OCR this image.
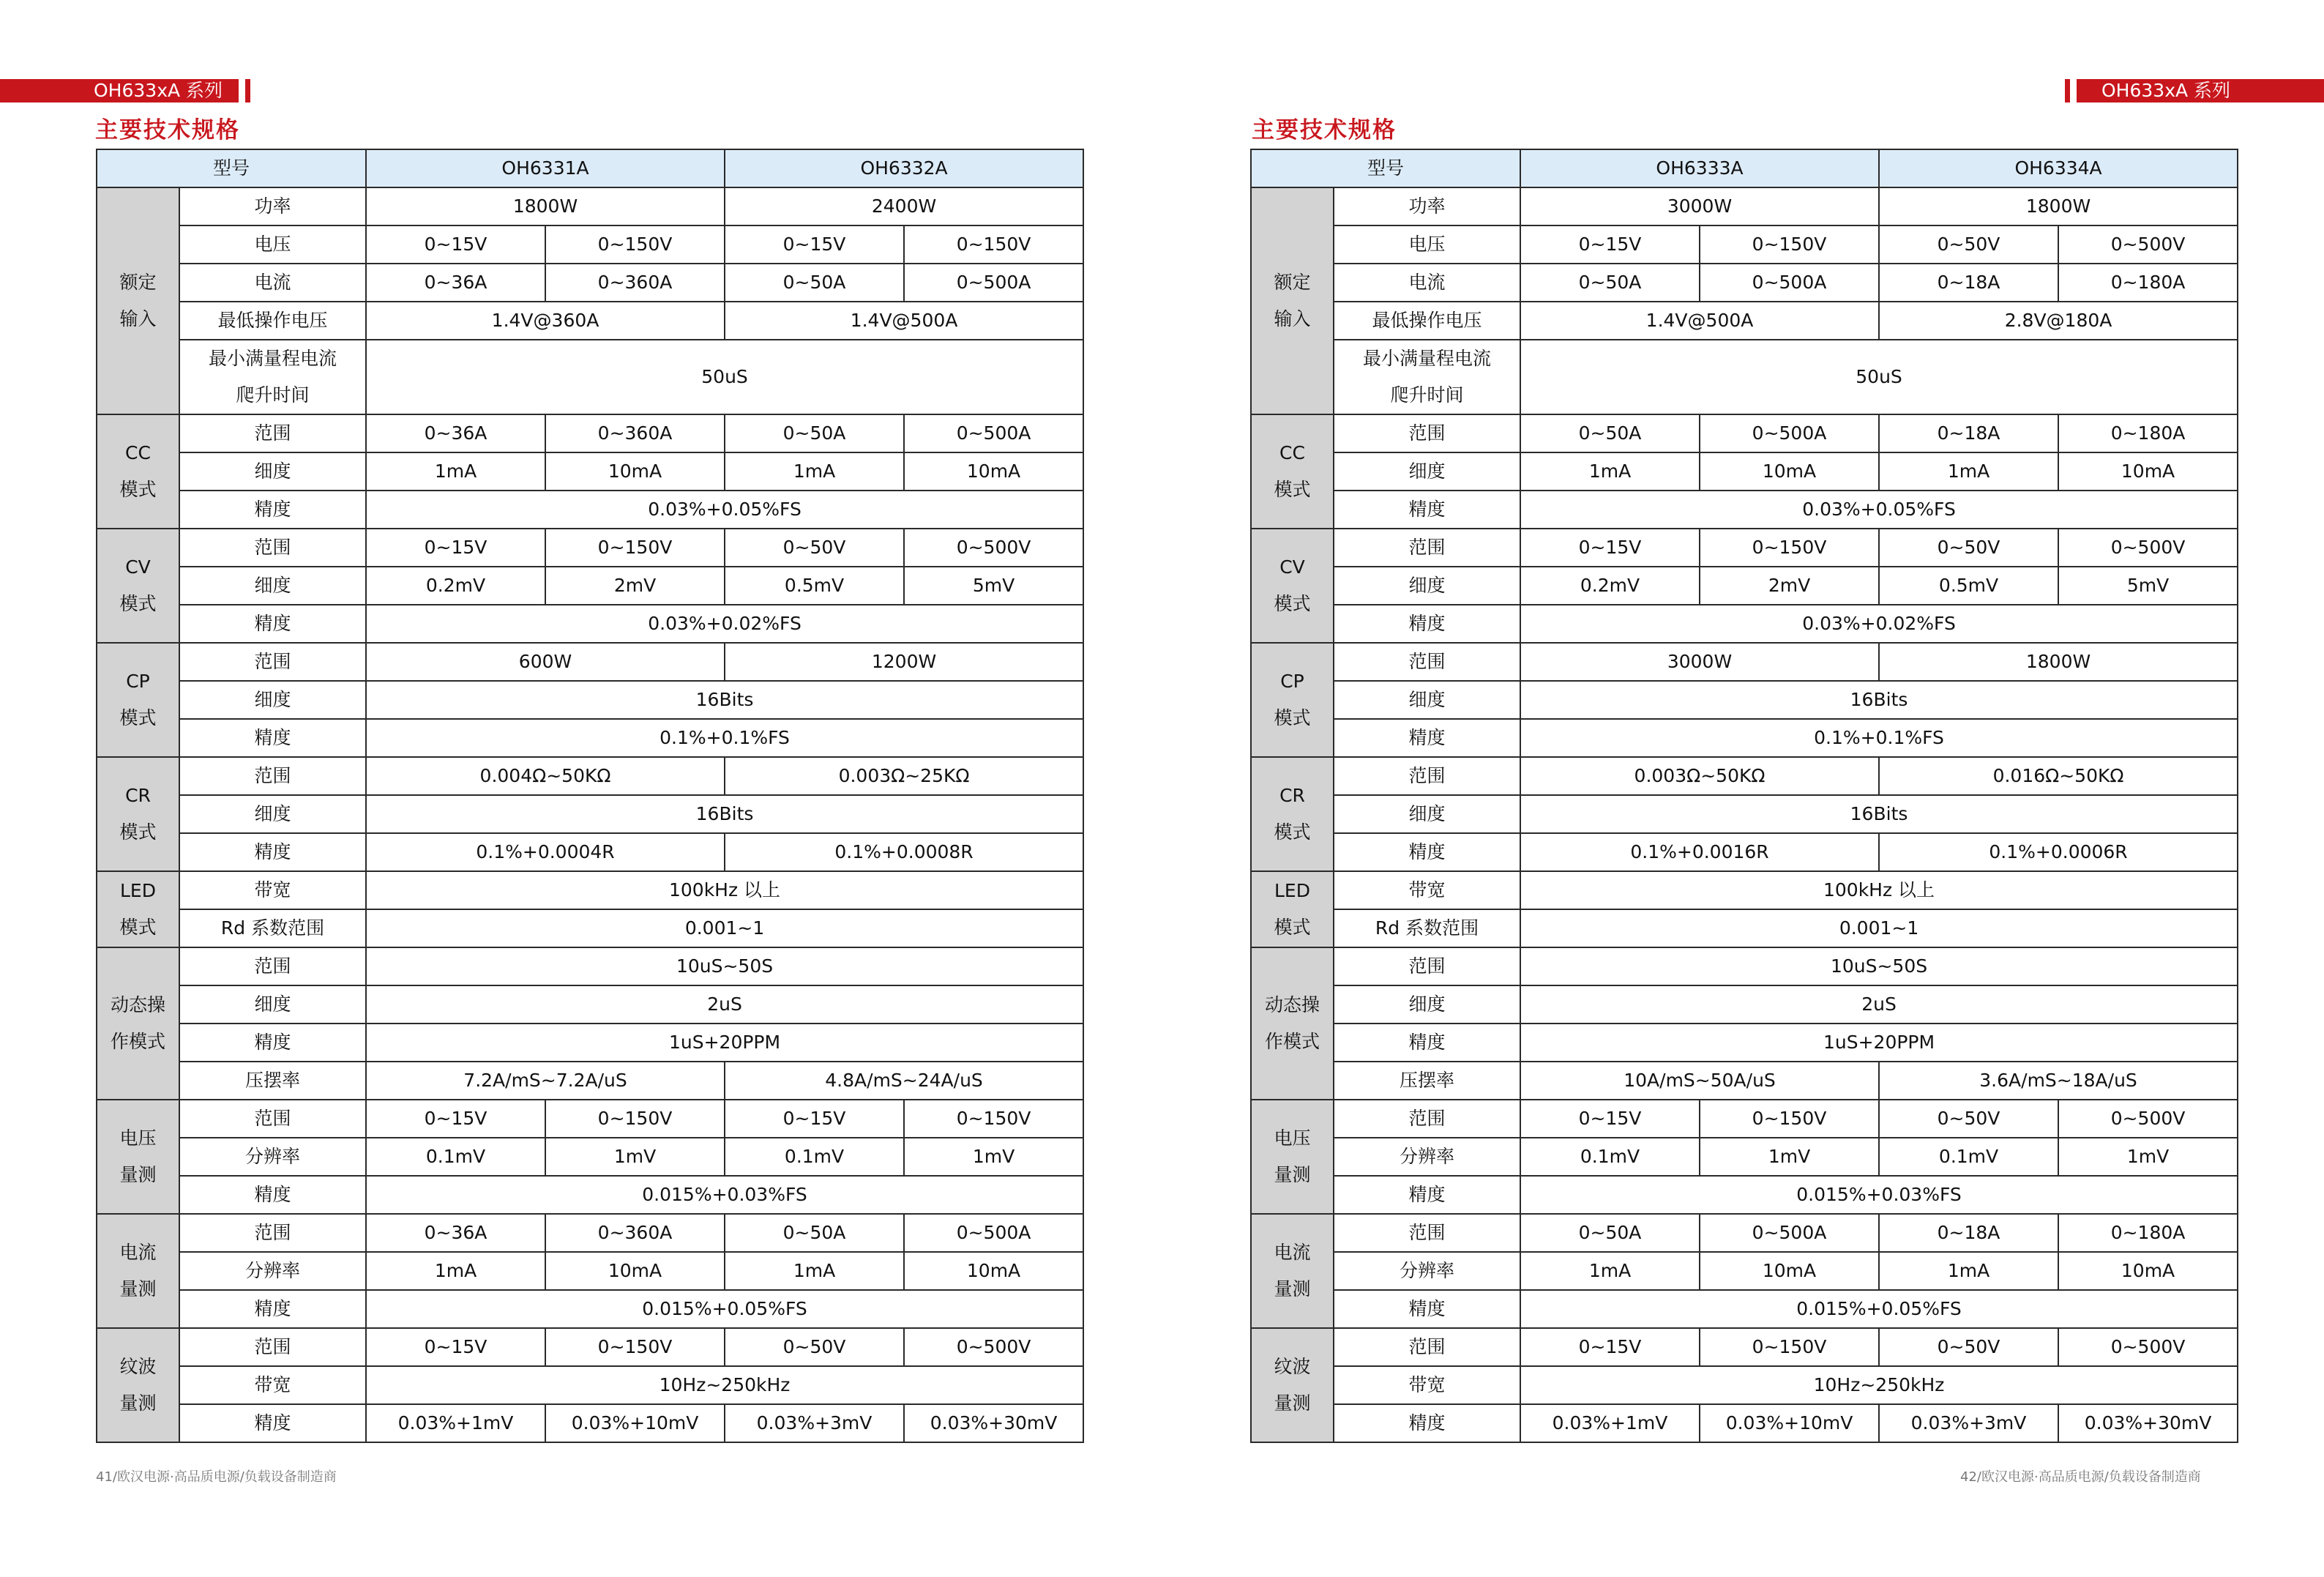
OH633xA 系列
主要技术规格
型号		OH6331A		OH6332A	
额定
输入	功率	1800W		2400W	
	电压	0~15V	0~150V	0~15V	0~150V
	电流	0~36A	0~360A	0~50A	0~500A
	最低操作电压	1.4V@360A		1.4V@500A	
	最小满量程电流
爬升时间	50uS			

CC
模式	范围	0~36A	0~360A	0~50A	0~500A
	细度	1mA	10mA	1mA	10mA
	精度	0.03%+0.05%FS			
CV
模式	范围	0~15V	0~150V	0~50V	0~500V
	细度	0.2mV	2mV	0.5mV	5mV
	精度	0.03%+0.02%FS			
CP
模式	范围	600W		1200W	
	细度	16Bits			
	精度	0.1%+0.1%FS			
CR
模式	范围	0.004Ω~50KΩ		0.003Ω~25KΩ	
	细度	16Bits			
	精度	0.1%+0.0004R		0.1%+0.0008R	
LED
模式	带宽	100kHz 以上			
	Rd 系数范围	0.001~1			
动态操
作模式	范围	10uS~50S			
	细度	2uS			
	精度	1uS+20PPM			
	压摆率	7.2A/mS~7.2A/uS		4.8A/mS~24A/uS	
电压
量测	范围	0~15V	0~150V	0~15V	0~150V
	分辨率	0.1mV	1mV	0.1mV	1mV
	精度	0.015%+0.03%FS			
电流
量测	范围	0~36A	0~360A	0~50A	0~500A
	分辨率	1mA	10mA	1mA	10mA
	精度	0.015%+0.05%FS			
纹波
量测	范围	0~15V	0~150V	0~50V	0~500V
	带宽	10Hz~250kHz			
	精度	0.03%+1mV	0.03%+10mV	0.03%+3mV	0.03%+30mV
41/欧汉电源·高品质电源/负载设备制造商
OH633xA 系列
主要技术规格
型号		OH6333A		OH6334A	
额定
输入	功率	3000W		1800W	
	电压	0~15V	0~150V	0~50V	0~500V
	电流	0~50A	0~500A	0~18A	0~180A
	最低操作电压	1.4V@500A		2.8V@180A	
	最小满量程电流
爬升时间	50uS			

CC
模式	范围	0~50A	0~500A	0~18A	0~180A
	细度	1mA	10mA	1mA	10mA
	精度	0.03%+0.05%FS			
CV
模式	范围	0~15V	0~150V	0~50V	0~500V
	细度	0.2mV	2mV	0.5mV	5mV
	精度	0.03%+0.02%FS			
CP
模式	范围	3000W		1800W	
	细度	16Bits			
	精度	0.1%+0.1%FS			
CR
模式	范围	0.003Ω~50KΩ		0.016Ω~50KΩ	
	细度	16Bits			
	精度	0.1%+0.0016R		0.1%+0.0006R	
LED
模式	带宽	100kHz 以上			
	Rd 系数范围	0.001~1			
动态操
作模式	范围	10uS~50S			
	细度	2uS			
	精度	1uS+20PPM			
	压摆率	10A/mS~50A/uS		3.6A/mS~18A/uS	
电压
量测	范围	0~15V	0~150V	0~50V	0~500V
	分辨率	0.1mV	1mV	0.1mV	1mV
	精度	0.015%+0.03%FS			
电流
量测	范围	0~50A	0~500A	0~18A	0~180A
	分辨率	1mA	10mA	1mA	10mA
	精度	0.015%+0.05%FS			
纹波
量测	范围	0~15V	0~150V	0~50V	0~500V
	带宽	10Hz~250kHz			
	精度	0.03%+1mV	0.03%+10mV	0.03%+3mV	0.03%+30mV
42/欧汉电源·高品质电源/负载设备制造商
